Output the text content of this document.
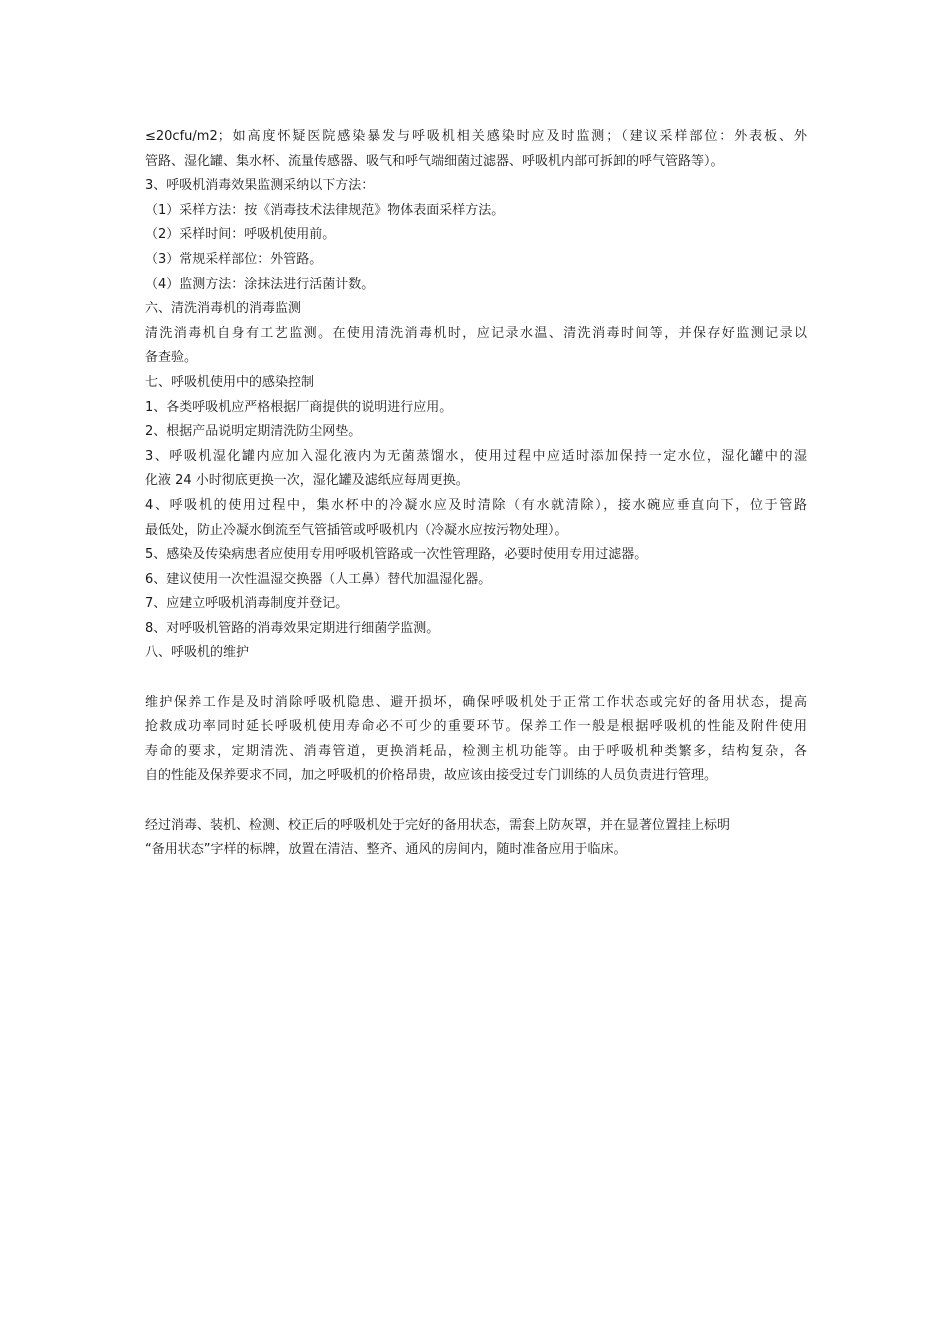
≤20cfu/m2；如高度怀疑医院感染暴发与呼吸机相关感染时应及时监测；（建议采样部位：外表板、外
管路、湿化罐、集水杯、流量传感器、吸气和呼气端细菌过滤器、呼吸机内部可拆卸的呼气管路等）。
3、呼吸机消毒效果监测采纳以下方法：
（1）采样方法：按《消毒技术法律规范》物体表面采样方法。
（2）采样时间：呼吸机使用前。
（3）常规采样部位：外管路。
（4）监测方法：涂抹法进行活菌计数。
六、清洗消毒机的消毒监测
清洗消毒机自身有工艺监测。在使用清洗消毒机时，应记录水温、清洗消毒时间等，并保存好监测记录以
备查验。
七、呼吸机使用中的感染控制
1、各类呼吸机应严格根据厂商提供的说明进行应用。
2、根据产品说明定期清洗防尘网垫。
3、呼吸机湿化罐内应加入湿化液内为无菌蒸馏水，使用过程中应适时添加保持一定水位，湿化罐中的湿
化液 24 小时彻底更换一次，湿化罐及滤纸应每周更换。
4、呼吸机的使用过程中，集水杯中的冷凝水应及时清除（有水就清除），接水碗应垂直向下，位于管路
最低处，防止冷凝水倒流至气管插管或呼吸机内（冷凝水应按污物处理）。
5、感染及传染病患者应使用专用呼吸机管路或一次性管理路，必要时使用专用过滤器。
6、建议使用一次性温湿交换器（人工鼻）替代加温湿化器。
7、应建立呼吸机消毒制度并登记。
8、对呼吸机管路的消毒效果定期进行细菌学监测。
八、呼吸机的维护
维护保养工作是及时消除呼吸机隐患、避开损坏，确保呼吸机处于正常工作状态或完好的备用状态，提高
抢救成功率同时延长呼吸机使用寿命必不可少的重要环节。保养工作一般是根据呼吸机的性能及附件使用
寿命的要求，定期清洗、消毒管道，更换消耗品，检测主机功能等。由于呼吸机种类繁多，结构复杂，各
自的性能及保养要求不同，加之呼吸机的价格昂贵，故应该由接受过专门训练的人员负责进行管理。
经过消毒、装机、检测、校正后的呼吸机处于完好的备用状态，需套上防灰罩，并在显著位置挂上标明
“备用状态”字样的标牌，放置在清洁、整齐、通风的房间内，随时准备应用于临床。
